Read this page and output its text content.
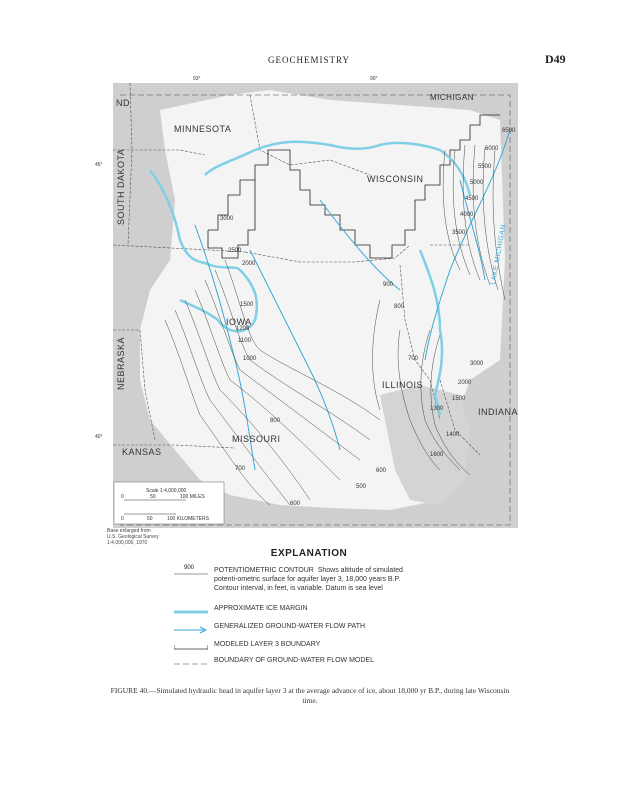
GEOCHEMISTRY	D49
93°	90°
45°
40°
MINNESOTA
WISCONSIN
MICHIGAN
SOUTH DAKOTA
IOWA
NEBRASKA	ILLINOIS
INDIANA
MISSOURI
KANSAS
ND
LAKE MICHIGAN
6500
6000
5500
5000
4500
4000
3500
3000
2500
2000
1500
1000
900
800
700
600
500
1100
1200
1300
1400
1600
3000
2000
1500
800
700
600
Scale 1:4,000,000
0	50	100 MILES
0	50	100 KILOMETERS
Base enlarged from
U.S. Geological Survey
1:4,000,000, 1970
EXPLANATION
900	POTENTIOMETRIC CONTOUR Shows altitude of simulated potenti-ometric surface for aquifer layer 3, 18,000 years B.P. Contour interval, in feet, is variable. Datum is sea level
APPROXIMATE ICE MARGIN
GENERALIZED GROUND-WATER FLOW PATH
MODELED LAYER 3 BOUNDARY
BOUNDARY OF GROUND-WATER FLOW MODEL
FIGURE 40.—Simulated hydraulic head in aquifer layer 3 at the average advance of ice, about 18,000 yr B.P., during late Wisconsin time.
